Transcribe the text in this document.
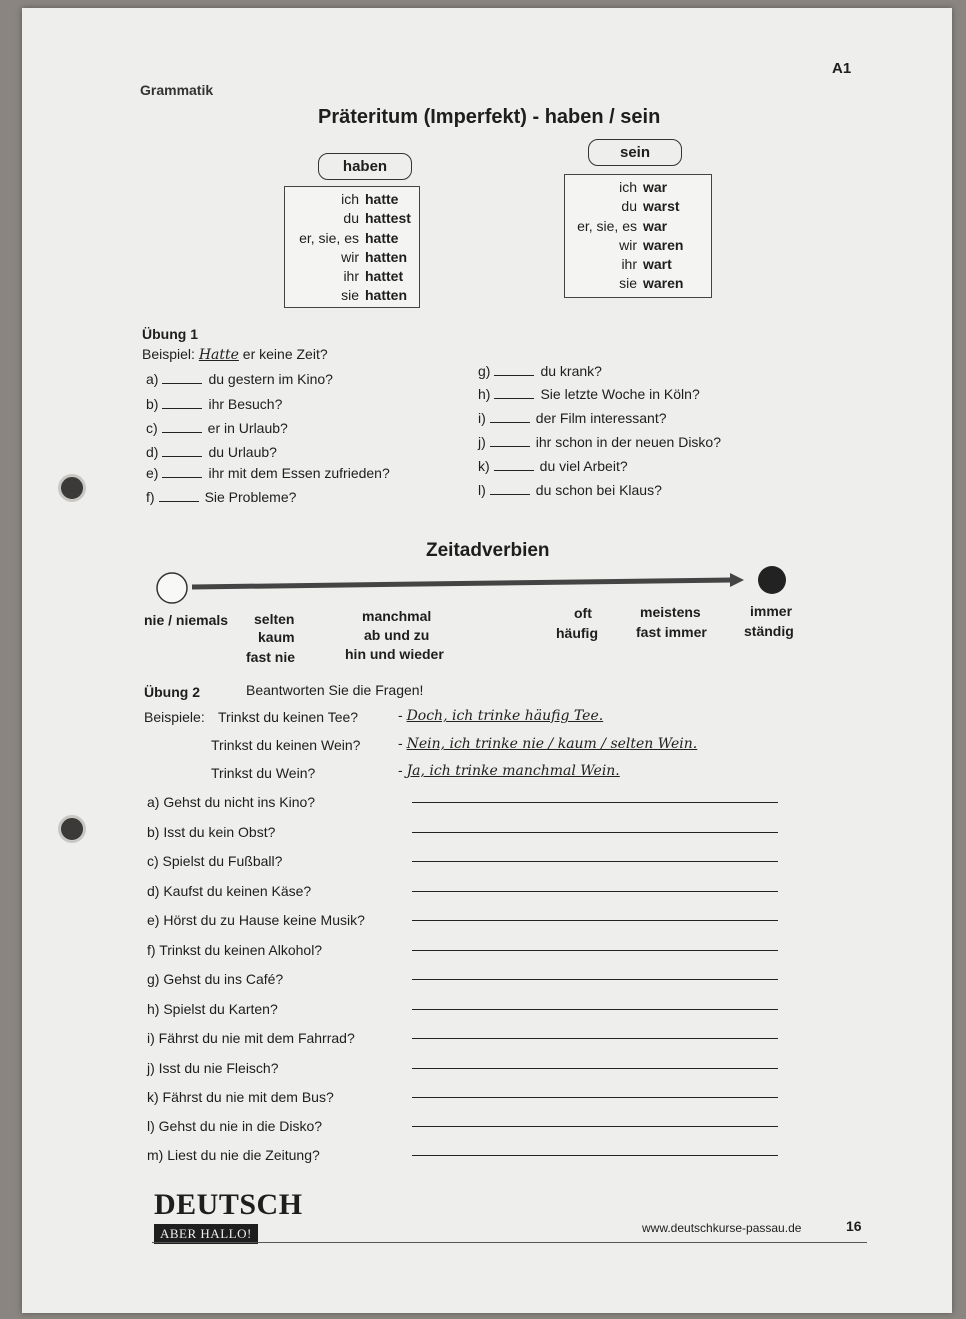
A1
Grammatik
Präteritum (Imperfekt) - haben / sein
haben
ich hatte
du hattest
er, sie, es hatte
wir hatten
ihr hattet
sie hatten
sein
ich war
du warst
er, sie, es war
wir waren
ihr wart
sie waren
Übung 1
Beispiel: Hatte er keine Zeit?
a)	du gestern im Kino?
b)	ihr Besuch?
c)	er in Urlaub?
d)	du Urlaub?
e)	ihr mit dem Essen zufrieden?
f)	Sie Probleme?
g)	du krank?
h)	Sie letzte Woche in Köln?
i)	der Film interessant?
j)	ihr schon in der neuen Disko?
k)	du viel Arbeit?
l)	du schon bei Klaus?
Zeitadverbien
nie / niemals selten
kaum
fast nie
manchmal
ab und zu
hin und wieder
oft
häufig
meistens
fast immer
immer
ständig
Übung 2	Beantworten Sie die Fragen!
Beispiele: Trinkst du keinen Tee?	- Doch, ich trinke häufig Tee.
Trinkst du keinen Wein?	- Nein, ich trinke nie / kaum / selten Wein.
Trinkst du Wein?	- Ja, ich trinke manchmal Wein.
a) Gehst du nicht ins Kino?
b) Isst du kein Obst?
c) Spielst du Fußball?
d) Kaufst du keinen Käse?
e) Hörst du zu Hause keine Musik?
f) Trinkst du keinen Alkohol?
g) Gehst du ins Café?
h) Spielst du Karten?
i) Fährst du nie mit dem Fahrrad?
j) Isst du nie Fleisch?
k) Fährst du nie mit dem Bus?
l) Gehst du nie in die Disko?
m) Liest du nie die Zeitung?
DEUTSCH
ABER HALLO!	www.deutschkurse-passau.de	16
